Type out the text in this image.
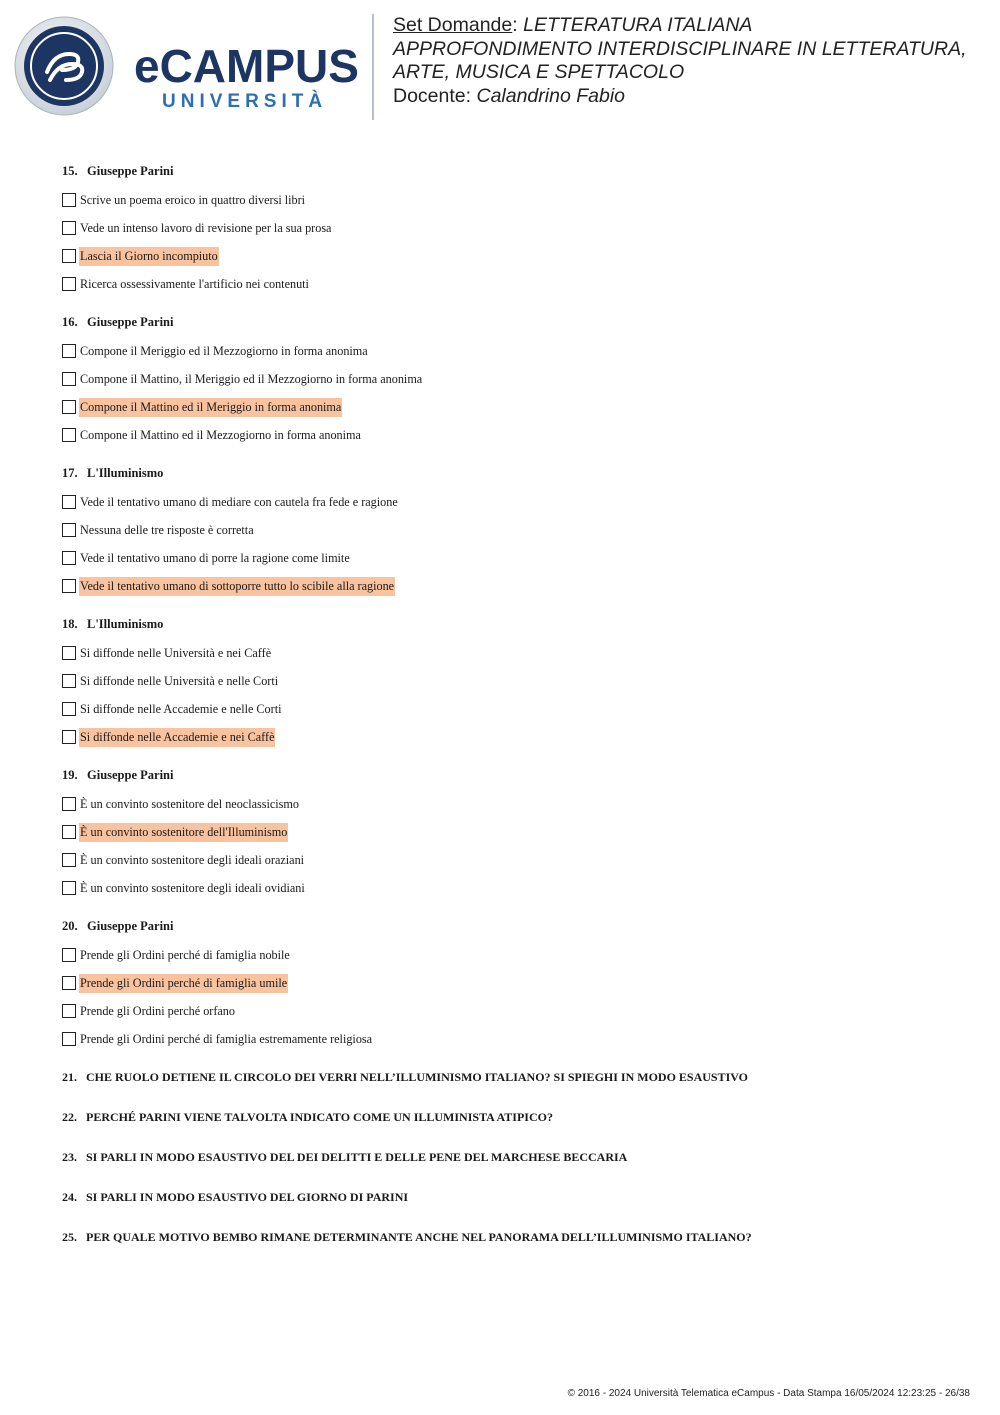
eCAMPUS
UNIVERSITÀ
Set Domande: LETTERATURA ITALIANA
APPROFONDIMENTO INTERDISCIPLINARE IN LETTERATURA,
ARTE, MUSICA E SPETTACOLO
Docente: Calandrino Fabio
15. Giuseppe Parini
Scrive un poema eroico in quattro diversi libri
Vede un intenso lavoro di revisione per la sua prosa
Lascia il Giorno incompiuto
Ricerca ossessivamente l'artificio nei contenuti
16. Giuseppe Parini
Compone il Meriggio ed il Mezzogiorno in forma anonima
Compone il Mattino, il Meriggio ed il Mezzogiorno in forma anonima
Compone il Mattino ed il Meriggio in forma anonima
Compone il Mattino ed il Mezzogiorno in forma anonima
17. L'Illuminismo
Vede il tentativo umano di mediare con cautela fra fede e ragione
Nessuna delle tre risposte è corretta
Vede il tentativo umano di porre la ragione come limite
Vede il tentativo umano di sottoporre tutto lo scibile alla ragione
18. L'Illuminismo
Si diffonde nelle Università e nei Caffè
Si diffonde nelle Università e nelle Corti
Si diffonde nelle Accademie e nelle Corti
Si diffonde nelle Accademie e nei Caffè
19. Giuseppe Parini
È un convinto sostenitore del neoclassicismo
È un convinto sostenitore dell'Illuminismo
È un convinto sostenitore degli ideali oraziani
È un convinto sostenitore degli ideali ovidiani
20. Giuseppe Parini
Prende gli Ordini perché di famiglia nobile
Prende gli Ordini perché di famiglia umile
Prende gli Ordini perché orfano
Prende gli Ordini perché di famiglia estremamente religiosa
21. CHE RUOLO DETIENE IL CIRCOLO DEI VERRI NELL’ILLUMINISMO ITALIANO? SI SPIEGHI IN MODO ESAUSTIVO
22. PERCHÉ PARINI VIENE TALVOLTA INDICATO COME UN ILLUMINISTA ATIPICO?
23. SI PARLI IN MODO ESAUSTIVO DEL DEI DELITTI E DELLE PENE DEL MARCHESE BECCARIA
24. SI PARLI IN MODO ESAUSTIVO DEL GIORNO DI PARINI
25. PER QUALE MOTIVO BEMBO RIMANE DETERMINANTE ANCHE NEL PANORAMA DELL’ILLUMINISMO ITALIANO?
© 2016 - 2024 Università Telematica eCampus - Data Stampa 16/05/2024 12:23:25 - 26/38
